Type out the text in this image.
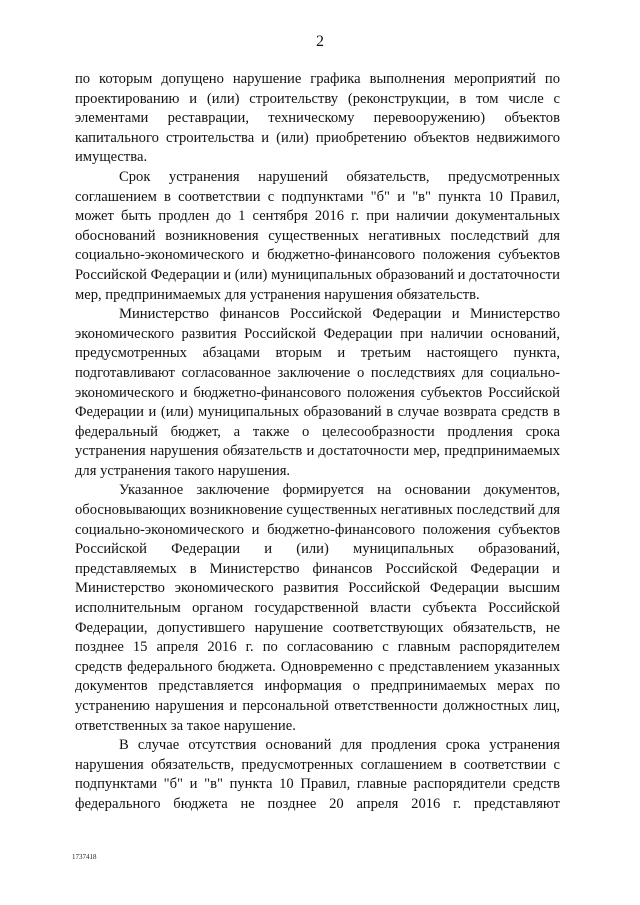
2

по которым допущено нарушение графика выполнения мероприятий по проектированию и (или) строительству (реконструкции, в том числе с элементами реставрации, техническому перевооружению) объектов капитального строительства и (или) приобретению объектов недвижимого имущества.

Срок устранения нарушений обязательств, предусмотренных соглашением в соответствии с подпунктами "б" и "в" пункта 10 Правил, может быть продлен до 1 сентября 2016 г. при наличии документальных обоснований возникновения существенных негативных последствий для социально-экономического и бюджетно-финансового положения субъектов Российской Федерации и (или) муниципальных образований и достаточности мер, предпринимаемых для устранения нарушения обязательств.

Министерство финансов Российской Федерации и Министерство экономического развития Российской Федерации при наличии оснований, предусмотренных абзацами вторым и третьим настоящего пункта, подготавливают согласованное заключение о последствиях для социально-экономического и бюджетно-финансового положения субъектов Российской Федерации и (или) муниципальных образований в случае возврата средств в федеральный бюджет, а также о целесообразности продления срока устранения нарушения обязательств и достаточности мер, предпринимаемых для устранения такого нарушения.

Указанное заключение формируется на основании документов, обосновывающих возникновение существенных негативных последствий для социально-экономического и бюджетно-финансового положения субъектов Российской Федерации и (или) муниципальных образований, представляемых в Министерство финансов Российской Федерации и Министерство экономического развития Российской Федерации высшим исполнительным органом государственной власти субъекта Российской Федерации, допустившего нарушение соответствующих обязательств, не позднее 15 апреля 2016 г. по согласованию с главным распорядителем средств федерального бюджета. Одновременно с представлением указанных документов представляется информация о предпринимаемых мерах по устранению нарушения и персональной ответственности должностных лиц, ответственных за такое нарушение.

В случае отсутствия оснований для продления срока устранения нарушения обязательств, предусмотренных соглашением в соответствии с подпунктами "б" и "в" пункта 10 Правил, главные распорядители средств федерального бюджета не позднее 20 апреля 2016 г. представляют

1737418
